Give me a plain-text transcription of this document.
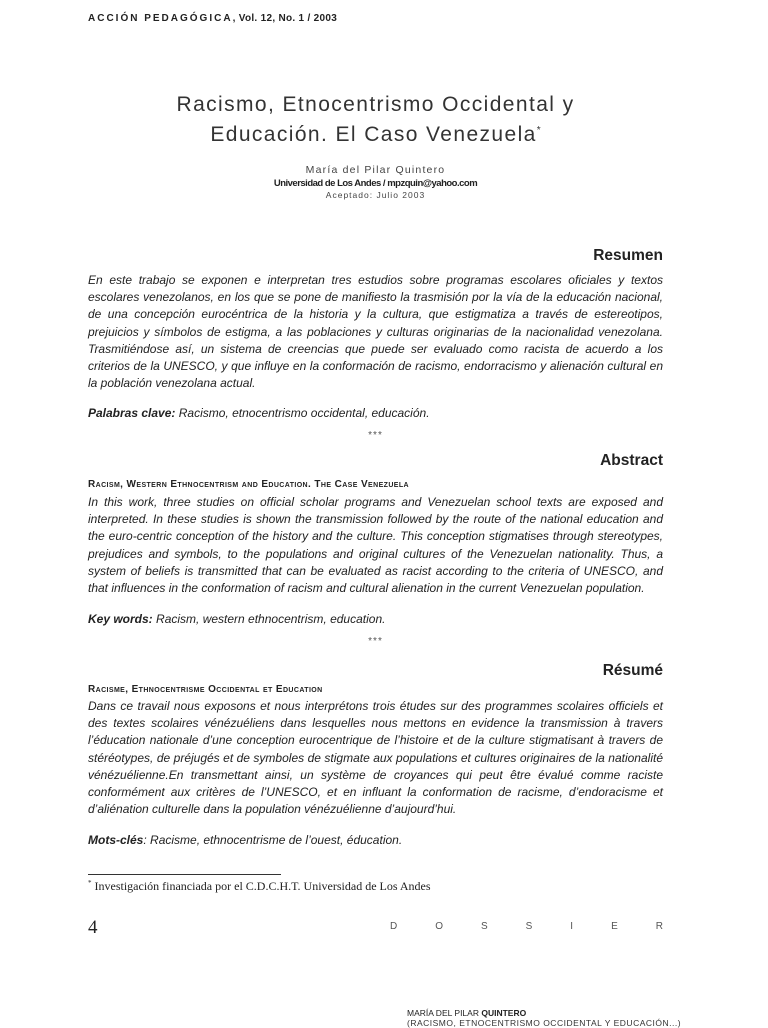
ACCIÓN PEDAGÓGICA, Vol. 12, No. 1 / 2003
Racismo, Etnocentrismo Occidental y
Educación. El Caso Venezuela*
María del Pilar Quintero
Universidad de Los Andes / mpzquin@yahoo.com
Aceptado: Julio 2003
Resumen

En este trabajo se exponen e interpretan tres estudios sobre programas escolares oficiales y textos escolares venezolanos, en los que se pone de manifiesto la trasmisión por la vía de la educación nacional, de una concepción eurocéntrica de la historia y la cultura, que estigmatiza a través de estereotipos, prejuicios y símbolos de estigma, a las poblaciones y culturas originarias de la nacionalidad venezolana. Trasmitiéndose así, un sistema de creencias que puede ser evaluado como racista de acuerdo a los criterios de la UNESCO, y que influye en la conformación de racismo, endorracismo y alienación cultural en la población venezolana actual.

Palabras clave: Racismo, etnocentrismo occidental, educación.
***
Abstract
Racism, Western Ethnocentrism and Education. The Case Venezuela

In this work, three studies on official scholar programs and Venezuelan school texts are exposed and interpreted. In these studies is shown the transmission followed by the route of the national education and the euro-centric conception of the history and the culture. This conception stigmatises through stereotypes, prejudices and symbols, to the populations and original cultures of the Venezuelan nationality. Thus, a system of beliefs is transmitted that can be evaluated as racist according to the criteria of UNESCO, and that influences in the conformation of racism and cultural alienation in the current Venezuelan population.

Key words: Racism, western ethnocentrism, education.
***
Résumé
Racisme, Ethnocentrisme Occidental et Education

Dans ce travail nous exposons et nous interprétons trois études sur des programmes scolaires officiels et des textes scolaires vénézuéliens dans lesquelles nous mettons en evidence la transmission à travers l’éducation nationale d’une conception eurocentrique de l’histoire et de la culture stigmatisant à travers de stéréotypes, de préjugés et de symboles de stigmate aux populations et cultures originaires de la nationalité vénézuélienne.En transmettant ainsi, un système de croyances qui peut être évalué comme raciste conformément aux critères de l’UNESCO, et en influant la conformation de racisme, d’endoracisme et d’aliénation culturelle dans la population vénézuélienne d’aujourd’hui.

Mots-clés: Racisme, ethnocentrisme de l’ouest, éducation.
* Investigación financiada por el C.D.C.H.T. Universidad de Los Andes
4	D	O	S	S	I	E	R
MARÍA DEL PILAR QUINTERO
(RACISMO, ETNOCENTRISMO OCCIDENTAL Y EDUCACIÓN...)
